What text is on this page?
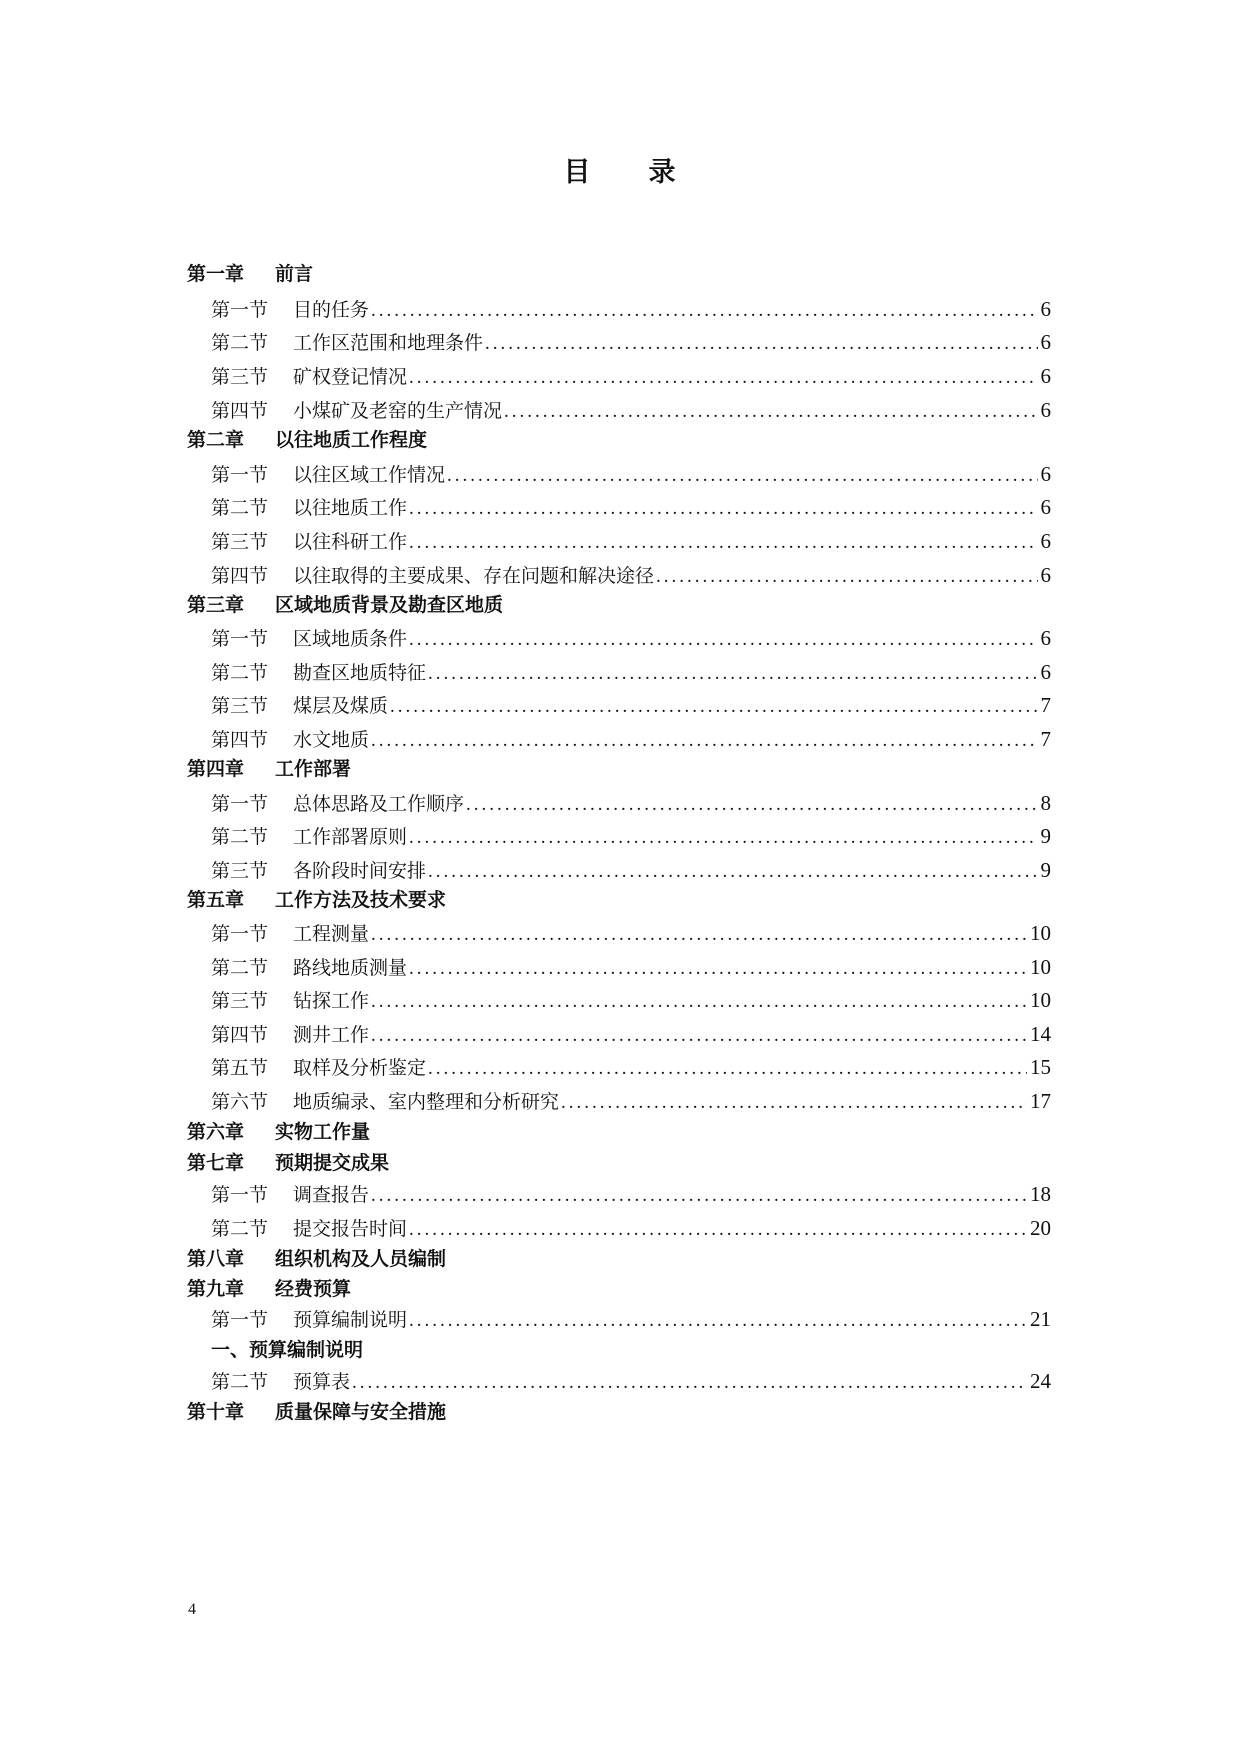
目 录
第一章 前言
第一节	目的任务 .....	6
第二节	工作区范围和地理条件 .....	6
第三节	矿权登记情况 .....	6
第四节	小煤矿及老窑的生产情况 .....	6
第二章 以往地质工作程度
第一节	以往区域工作情况 .....	6
第二节	以往地质工作 .....	6
第三节	以往科研工作 .....	6
第四节	以往取得的主要成果、存在问题和解决途径 .....	6
第三章 区域地质背景及勘查区地质
第一节	区域地质条件 .....	6
第二节	勘查区地质特征 .....	6
第三节	煤层及煤质 .....	7
第四节	水文地质 .....	7
第四章 工作部署
第一节	总体思路及工作顺序 .....	8
第二节	工作部署原则 .....	9
第三节	各阶段时间安排 .....	9
第五章 工作方法及技术要求
第一节	工程测量 .....	10
第二节	路线地质测量 .....	10
第三节	钻探工作 .....	10
第四节	测井工作 .....	14
第五节	取样及分析鉴定 .....	15
第六节	地质编录、室内整理和分析研究 .....	17
第六章 实物工作量
第七章 预期提交成果
第一节	调查报告 .....	18
第二节	提交报告时间 .....	20
第八章 组织机构及人员编制
第九章 经费预算
第一节	预算编制说明 .....	21
一、预算编制说明
第二节	预算表 .....	24
第十章 质量保障与安全措施
4
